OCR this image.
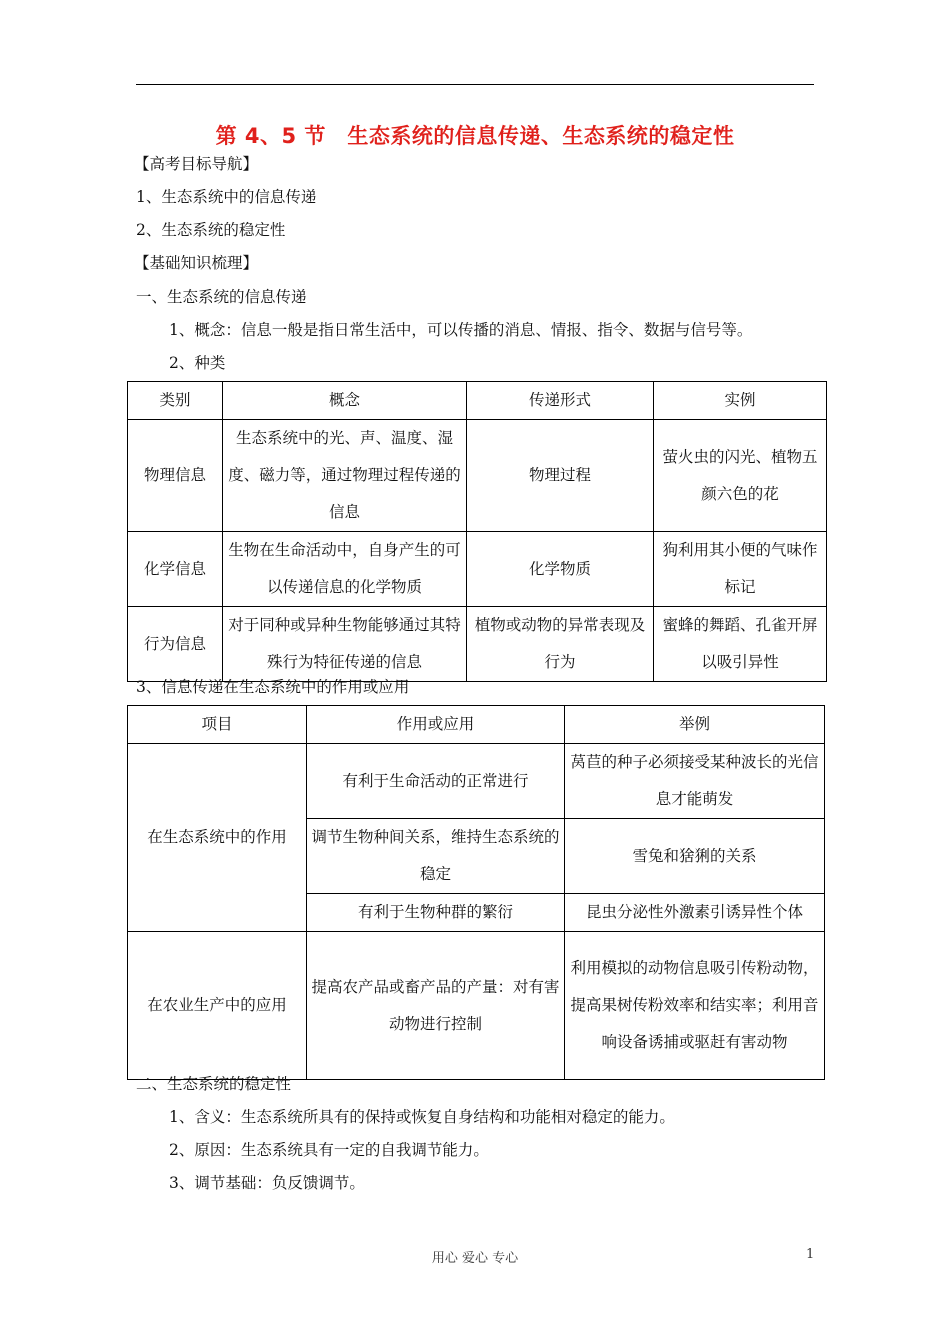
第 4、5 节　生态系统的信息传递、生态系统的稳定性
【高考目标导航】
1、生态系统中的信息传递
2、生态系统的稳定性
【基础知识梳理】
一、生态系统的信息传递
1、概念：信息一般是指日常生活中，可以传播的消息、情报、指令、数据与信号等。
2、种类
类别	概念	传递形式	实例
物理信息	生态系统中的光、声、温度、湿度、磁力等，通过物理过程传递的信息	物理过程	萤火虫的闪光、植物五颜六色的花
化学信息	生物在生命活动中，自身产生的可以传递信息的化学物质	化学物质	狗利用其小便的气味作标记
行为信息	对于同种或异种生物能够通过其特殊行为特征传递的信息	植物或动物的异常表现及行为	蜜蜂的舞蹈、孔雀开屏以吸引异性
3、信息传递在生态系统中的作用或应用
项目	作用或应用	举例
在生态系统中的作用	有利于生命活动的正常进行	莴苣的种子必须接受某种波长的光信息才能萌发
	调节生物种间关系，维持生态系统的稳定	雪兔和猞猁的关系
	有利于生物种群的繁衍	昆虫分泌性外激素引诱异性个体
在农业生产中的应用	提高农产品或畜产品的产量：对有害动物进行控制	利用模拟的动物信息吸引传粉动物，提高果树传粉效率和结实率；利用音响设备诱捕或驱赶有害动物
二、生态系统的稳定性
1、含义：生态系统所具有的保持或恢复自身结构和功能相对稳定的能力。
2、原因：生态系统具有一定的自我调节能力。
3、调节基础：负反馈调节。
用心 爱心 专心	1
